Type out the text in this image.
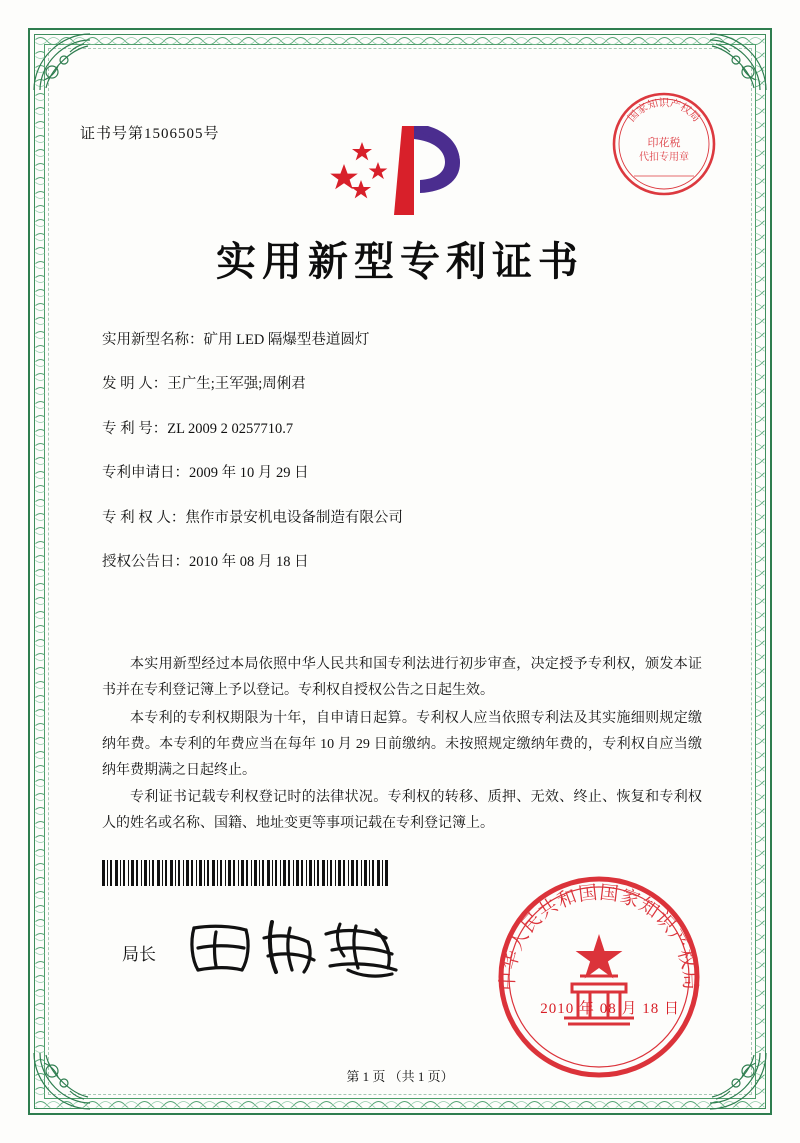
证书号第1506505号
国家知识产权局
印花税
代扣专用章
实用新型专利证书
实用新型名称：矿用 LED 隔爆型巷道圆灯
发 明 人：王广生;王军强;周俐君
专 利 号：ZL 2009 2 0257710.7
专利申请日：2009 年 10 月 29 日
专 利 权 人：焦作市景安机电设备制造有限公司
授权公告日：2010 年 08 月 18 日

本实用新型经过本局依照中华人民共和国专利法进行初步审查，决定授予专利权，颁发本证书并在专利登记簿上予以登记。专利权自授权公告之日起生效。

本专利的专利权期限为十年，自申请日起算。专利权人应当依照专利法及其实施细则规定缴纳年费。本专利的年费应当在每年 10 月 29 日前缴纳。未按照规定缴纳年费的，专利权自应当缴纳年费期满之日起终止。

专利证书记载专利权登记时的法律状况。专利权的转移、质押、无效、终止、恢复和专利权人的姓名或名称、国籍、地址变更等事项记载在专利登记簿上。

局长
中华人民共和国国家知识产权局
2010 年 08 月 18 日
第 1 页 （共 1 页）
